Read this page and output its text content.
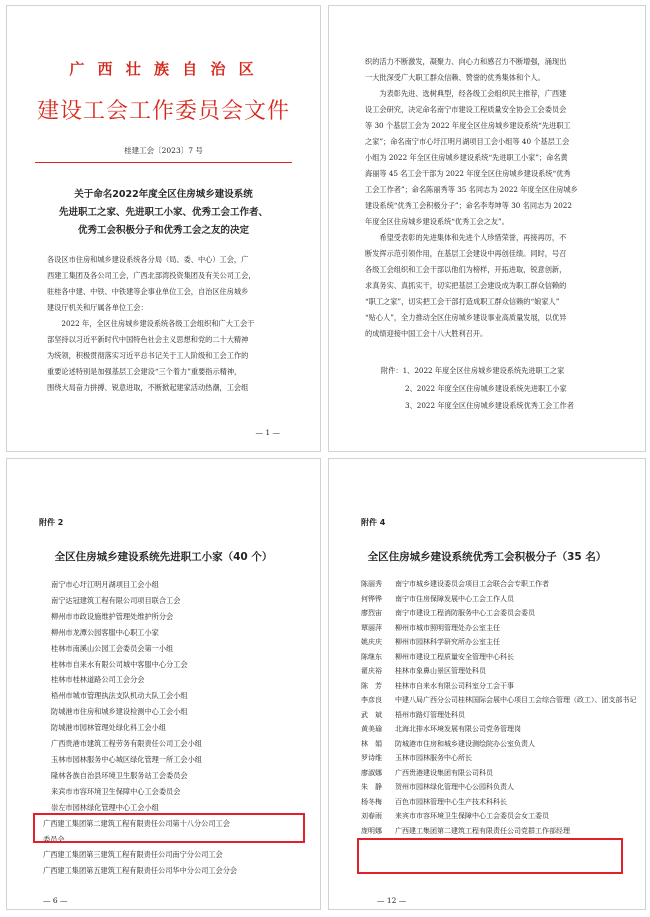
广 西 壮 族 自 治 区
建设工会工作委员会文件
桂建工会〔2023〕7 号
关于命名2022年度全区住房城乡建设系统
先进职工之家、先进职工小家、优秀工会工作者、
优秀工会积极分子和优秀工会之友的决定
各设区市住房和城乡建设系统各分局（局、委、中心）工会，广
西建工集团及各公司工会，广西北部湾投资集团及有关公司工会，
驻桂各中建、中铁、中铁建等企事业单位工会，自治区住房城乡
建设厅机关和厅属各单位工会：
　　2022 年，全区住房城乡建设系统各级工会组织和广大工会干
部坚持以习近平新时代中国特色社会主义思想和党的二十大精神
为统领，积极贯彻落实习近平总书记关于工人阶级和工会工作的
重要论述特别是加强基层工会建设“三个着力”重要指示精神，
围绕大局奋力拼搏、锐意进取，不断掀起建家活动热潮，工会组
— 1 —
织的活力不断激发，凝聚力、向心力和感召力不断增强，涌现出
一大批深受广大职工群众信赖、赞誉的优秀集体和个人。
　　为表彰先进、选树典型，经各级工会组织民主推荐，广西建
设工会研究，决定命名南宁市建设工程质量安全协会工会委员会
等 30 个基层工会为 2022 年度全区住房城乡建设系统“先进职工
之家”；命名南宁市心圩江明月湖项目工会小组等 40 个基层工会
小组为 2022 年全区住房城乡建设系统“先进职工小家”；命名黄
海丽等 45 名工会干部为 2022 年度全区住房城乡建设系统“优秀
工会工作者”；命名陈丽秀等 35 名同志为 2022 年度全区住房城乡
建设系统“优秀工会积极分子”；命名李寿坤等 30 名同志为 2022
年度全区住房城乡建设系统“优秀工会之友”。
　　希望受表彰的先进集体和先进个人珍惜荣誉，再接再厉，不
断发挥示范引领作用，在基层工会建设中再创佳绩。同时，号召
各级工会组织和工会干部以他们为榜样，开拓进取，锐意创新，
求真务实、真抓实干，切实把基层工会建设成为职工群众信赖的
“职工之家”，切实把工会干部打造成职工群众信赖的“娘家人”
“贴心人”，全力推动全区住房城乡建设事业高质量发展，以优异
的成绩迎接中国工会十八大胜利召开。
附件：1、2022 年度全区住房城乡建设系统先进职工之家
2、2022 年度全区住房城乡建设系统先进职工小家
3、2022 年度全区住房城乡建设系统优秀工会工作者
附件 2
全区住房城乡建设系统先进职工小家（40 个）
南宁市心圩江明月湖项目工会小组
南宁达冠建筑工程有限公司项目联合工会
柳州市市政设施维护管理处维护所分会
柳州市龙潭公园客服中心职工小家
桂林市南溪山公园工会委员会第一小组
桂林市自来水有限公司城中客服中心分工会
桂林市桂林道路公司工会分会
梧州市城市管理执法支队机动大队工会小组
防城港市住房和城乡建设检测中心工会小组
防城港市园林管理处绿化科工会小组
广西贵港市建筑工程劳务有限责任公司工会小组
玉林市园林服务中心城区绿化管理一所工会小组
隆林各族自治县环境卫生服务站工会委员会
来宾市市容环境卫生保障中心工会委员会
崇左市园林绿化管理中心工会小组
广西建工集团第二建筑工程有限责任公司第十八分公司工会
委员会
广西建工集团第三建筑工程有限责任公司南宁分公司工会
广西建工集团第五建筑工程有限责任公司华中分公司工会分会
— 6 —
附件 4
全区住房城乡建设系统优秀工会积极分子（35 名）
陈丽秀	南宁市城乡建设委员会项目工会联合会专职工作者
何铧铧	南宁市住房保障发展中心工会工作人员
廖烈宙	南宁市建设工程消防服务中心工会委员会委员
覃丽萍	柳州市城市照明管理处办公室主任
姚庆庆	柳州市园林科学研究所办公室主任
陈继东	柳州市建设工程质量安全管理中心科长
翟庆裕	桂林市象鼻山景区管理处科员
陈　芳	桂林市自来水有限公司科室分工会干事
李彦良	中建八局广西分公司桂林国际会展中心项目工会综合管理（政工）、团支部书记
武　斌	梧州市路灯管理处科员
黄美瑜	北海北排水环境发展有限公司党务管理岗
林　娟	防城港市住房和城乡建设测绘院办公室负责人
罗诗维	玉林市园林服务中心所长
廖淑娜	广西贵港建设集团有限公司科员
朱　静	贺州市园林绿化管理中心公园科负责人
杨冬梅	百色市园林管理中心生产技术科科长
刘春雨	来宾市市容环境卫生保障中心工会委员会女工委员
庞明娜	广西建工集团第二建筑工程有限责任公司党群工作部经理
— 12 —
